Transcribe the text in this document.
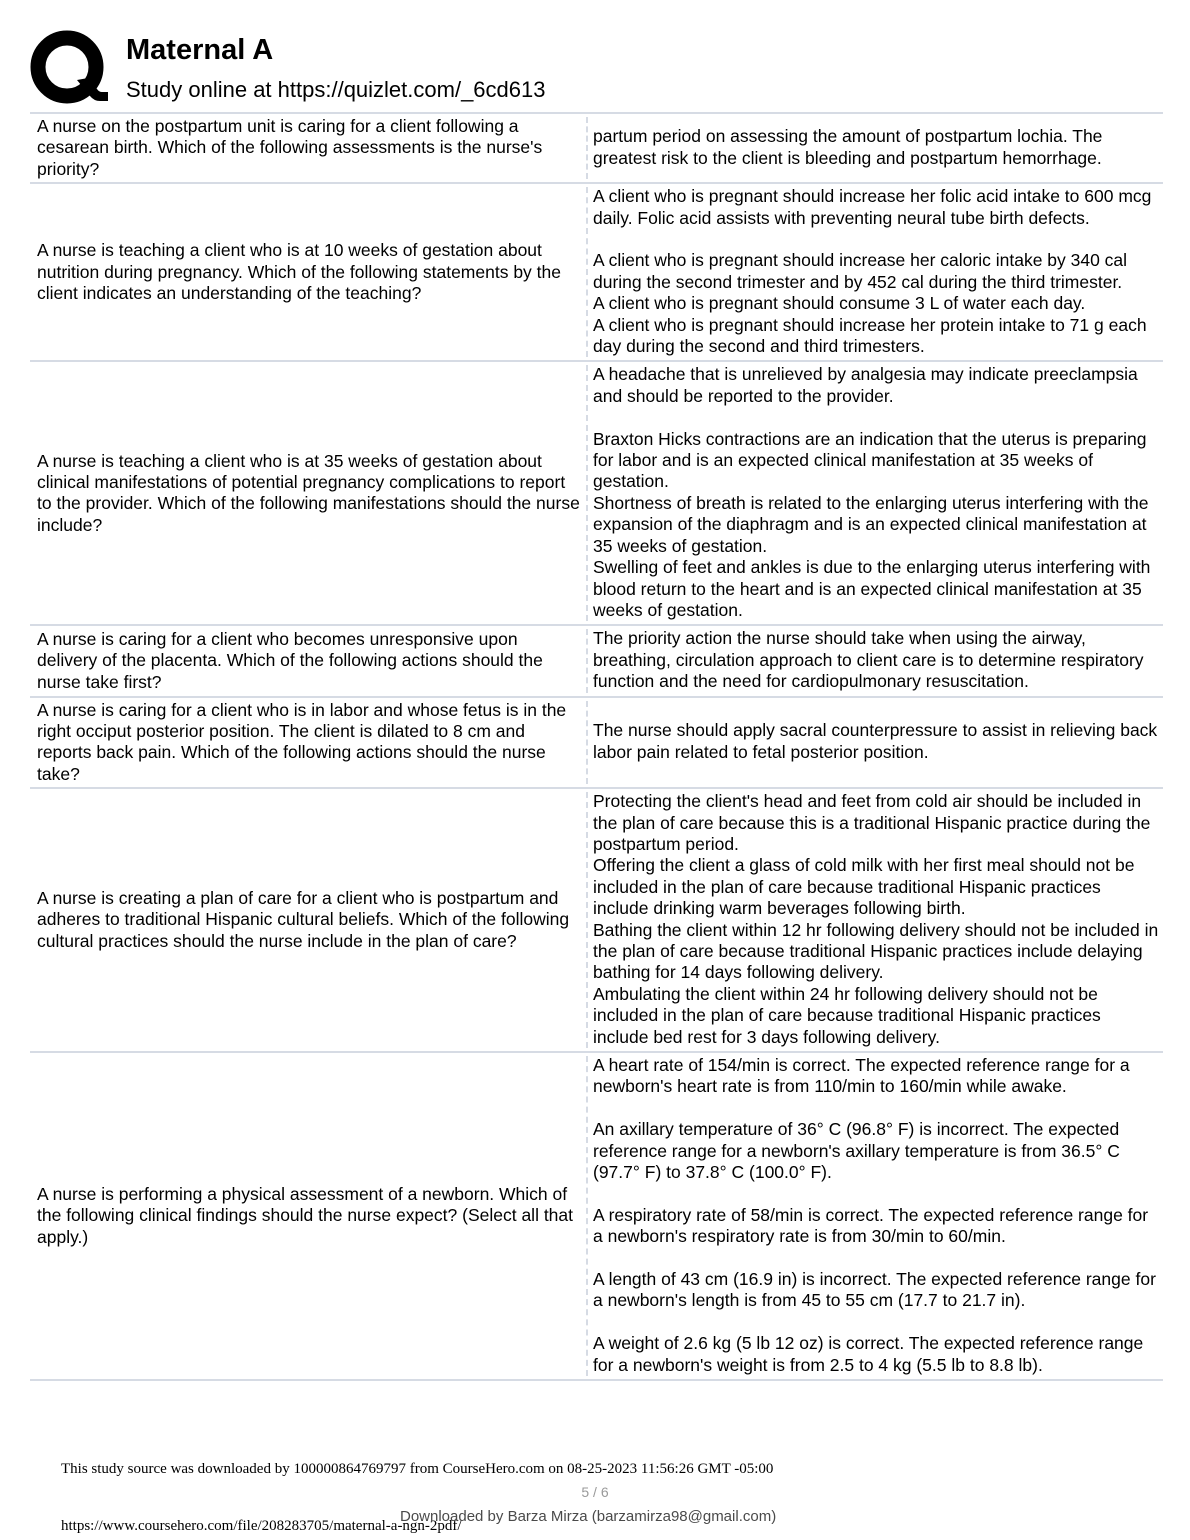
Maternal A
Study online at https://quizlet.com/_6cd613
A nurse on the postpartum unit is caring for a client following a cesarean birth. Which of the following assessments is the nurse's priority?

partum period on assessing the amount of postpartum lochia. The greatest risk to the client is bleeding and postpartum hemorrhage.

A nurse is teaching a client who is at 10 weeks of gestation about nutrition during pregnancy. Which of the following statements by the client indicates an understanding of the teaching?

A client who is pregnant should increase her folic acid intake to 600 mcg daily. Folic acid assists with preventing neural tube birth defects.

A client who is pregnant should increase her caloric intake by 340 cal during the second trimester and by 452 cal during the third trimester.

A client who is pregnant should consume 3 L of water each day.

A client who is pregnant should increase her protein intake to 71 g each day during the second and third trimesters.

A nurse is teaching a client who is at 35 weeks of gestation about clinical manifestations of potential pregnancy complications to report to the provider. Which of the following manifestations should the nurse include?

A headache that is unrelieved by analgesia may indicate preeclampsia and should be reported to the provider.

Braxton Hicks contractions are an indication that the uterus is preparing for labor and is an expected clinical manifestation at 35 weeks of gestation.

Shortness of breath is related to the enlarging uterus interfering with the expansion of the diaphragm and is an expected clinical manifestation at 35 weeks of gestation.

Swelling of feet and ankles is due to the enlarging uterus interfering with blood return to the heart and is an expected clinical manifestation at 35 weeks of gestation.

A nurse is caring for a client who becomes unresponsive upon delivery of the placenta. Which of the following actions should the nurse take first?

The priority action the nurse should take when using the airway, breathing, circulation approach to client care is to determine respiratory function and the need for cardiopulmonary resuscitation.

A nurse is caring for a client who is in labor and whose fetus is in the right occiput posterior position. The client is dilated to 8 cm and reports back pain. Which of the following actions should the nurse take?

The nurse should apply sacral counterpressure to assist in relieving back labor pain related to fetal posterior position.

A nurse is creating a plan of care for a client who is postpartum and adheres to traditional Hispanic cultural beliefs. Which of the following cultural practices should the nurse include in the plan of care?

Protecting the client's head and feet from cold air should be included in the plan of care because this is a traditional Hispanic practice during the postpartum period.

Offering the client a glass of cold milk with her first meal should not be included in the plan of care because traditional Hispanic practices include drinking warm beverages following birth.

Bathing the client within 12 hr following delivery should not be included in the plan of care because traditional Hispanic practices include delaying bathing for 14 days following delivery.

Ambulating the client within 24 hr following delivery should not be included in the plan of care because traditional Hispanic practices include bed rest for 3 days following delivery.

A nurse is performing a physical assessment of a newborn. Which of the following clinical findings should the nurse expect? (Select all that apply.)

A heart rate of 154/min is correct. The expected reference range for a newborn's heart rate is from 110/min to 160/min while awake.

An axillary temperature of 36° C (96.8° F) is incorrect. The expected reference range for a newborn's axillary temperature is from 36.5° C (97.7° F) to 37.8° C (100.0° F).

A respiratory rate of 58/min is correct. The expected reference range for a newborn's respiratory rate is from 30/min to 60/min.

A length of 43 cm (16.9 in) is incorrect. The expected reference range for a newborn's length is from 45 to 55 cm (17.7 to 21.7 in).

A weight of 2.6 kg (5 lb 12 oz) is correct. The expected reference range for a newborn's weight is from 2.5 to 4 kg (5.5 lb to 8.8 lb).

This study source was downloaded by 100000864769797 from CourseHero.com on 08-25-2023 11:56:26 GMT -05:00
5 / 6
https://www.coursehero.com/file/208283705/maternal-a-ngn-2pdf/
Downloaded by Barza Mirza (barzamirza98@gmail.com)
